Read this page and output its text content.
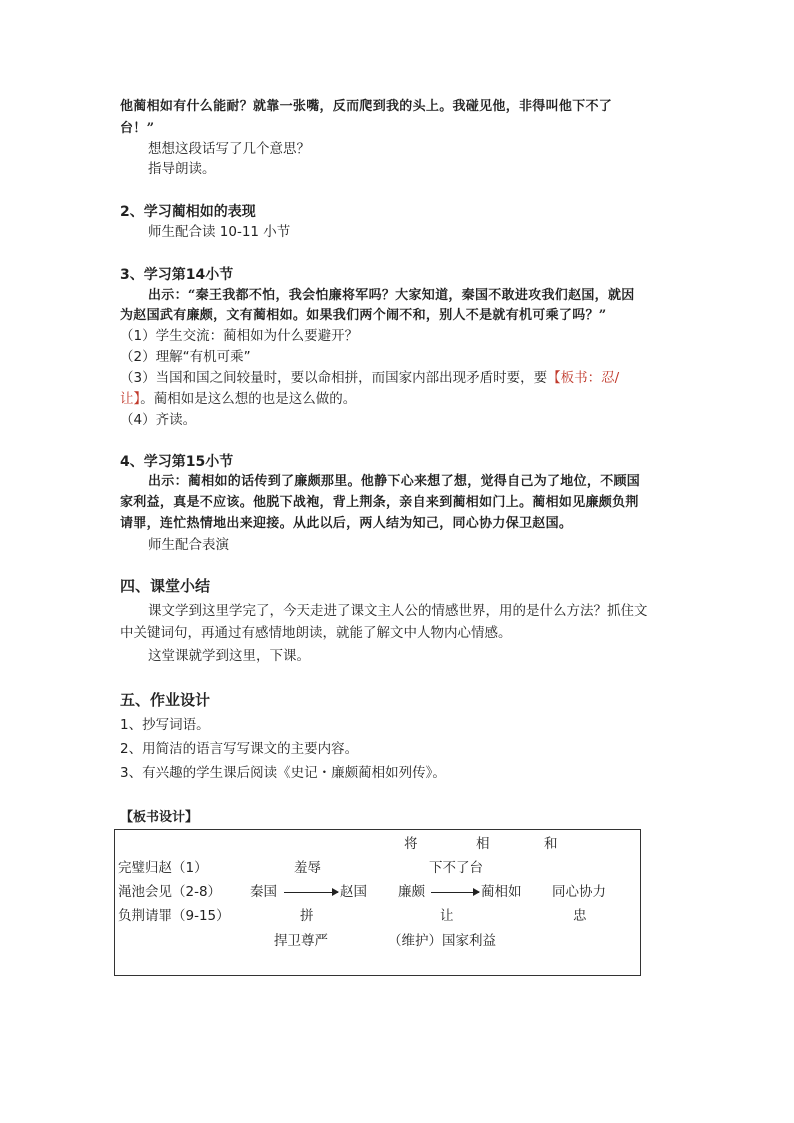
他蔺相如有什么能耐？就靠一张嘴，反而爬到我的头上。我碰见他，非得叫他下不了
台！”
想想这段话写了几个意思？
指导朗读。
2、学习蔺相如的表现
师生配合读 10-11 小节
3、学习第14小节
出示：“秦王我都不怕，我会怕廉将军吗？大家知道，秦国不敢进攻我们赵国，就因
为赵国武有廉颇，文有蔺相如。如果我们两个闹不和，别人不是就有机可乘了吗？”
（1）学生交流：蔺相如为什么要避开？
（2）理解“有机可乘”
（3）当国和国之间较量时，要以命相拼，而国家内部出现矛盾时要，要【板书：忍/
让】。蔺相如是这么想的也是这么做的。
（4）齐读。
4、学习第15小节
出示：蔺相如的话传到了廉颇那里。他静下心来想了想，觉得自己为了地位，不顾国
家利益，真是不应该。他脱下战袍，背上荆条，亲自来到蔺相如门上。蔺相如见廉颇负荆
请罪，连忙热情地出来迎接。从此以后，两人结为知己，同心协力保卫赵国。
师生配合表演
四、课堂小结
课文学到这里学完了，今天走进了课文主人公的情感世界，用的是什么方法？抓住文
中关键词句，再通过有感情地朗读，就能了解文中人物内心情感。
这堂课就学到这里，下课。
五、作业设计
1、抄写词语。
2、用简洁的语言写写课文的主要内容。
3、有兴趣的学生课后阅读《史记・廉颇蔺相如列传》。
【板书设计】
将	相	和
完璧归赵（1）
渑池会见（2-8）
负荆请罪（9-15）
羞辱
秦国	赵国
拼
捍卫尊严
下不了台
廉颇	蔺相如
让
（维护）国家利益
同心协力
忠
